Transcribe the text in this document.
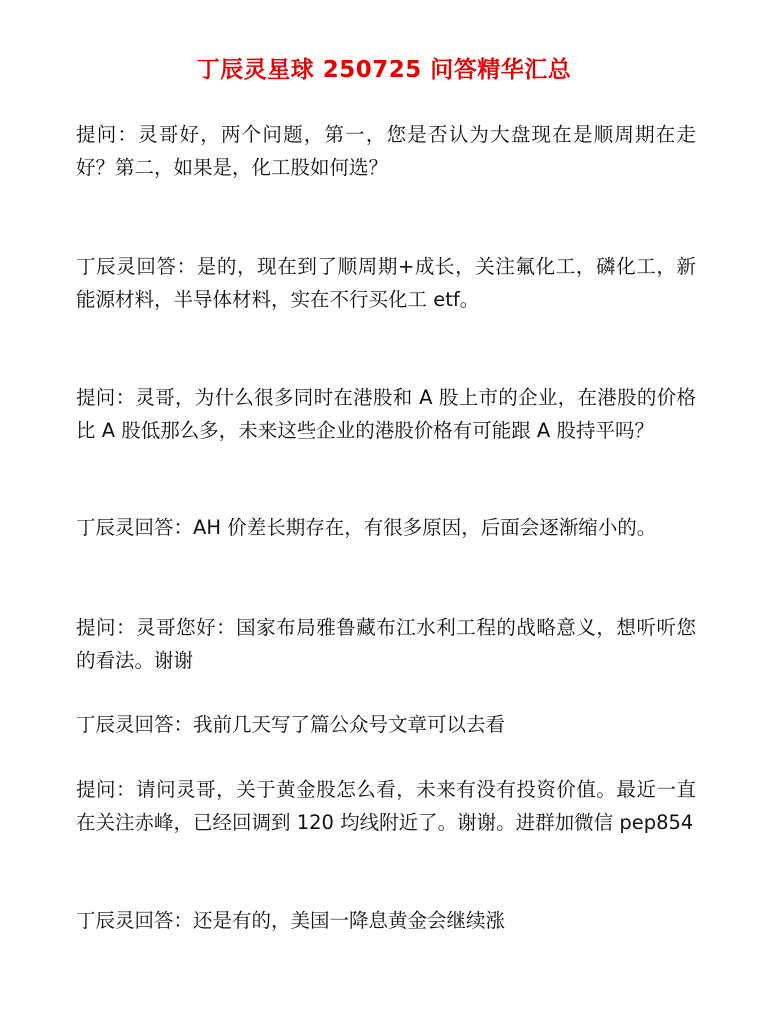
丁辰灵星球 250725 问答精华汇总
提问：灵哥好，两个问题，第一，您是否认为大盘现在是顺周期在走好？第二，如果是，化工股如何选？
丁辰灵回答：是的，现在到了顺周期+成长，关注氟化工，磷化工，新能源材料，半导体材料，实在不行买化工 etf。
提问：灵哥，为什么很多同时在港股和 A 股上市的企业，在港股的价格比 A 股低那么多，未来这些企业的港股价格有可能跟 A 股持平吗？
丁辰灵回答：AH 价差长期存在，有很多原因，后面会逐渐缩小的。
提问：灵哥您好：国家布局雅鲁藏布江水利工程的战略意义，想听听您的看法。谢谢
丁辰灵回答：我前几天写了篇公众号文章可以去看
提问：请问灵哥，关于黄金股怎么看，未来有没有投资价值。最近一直在关注赤峰，已经回调到 120 均线附近了。谢谢。进群加微信 pep854
丁辰灵回答：还是有的，美国一降息黄金会继续涨
